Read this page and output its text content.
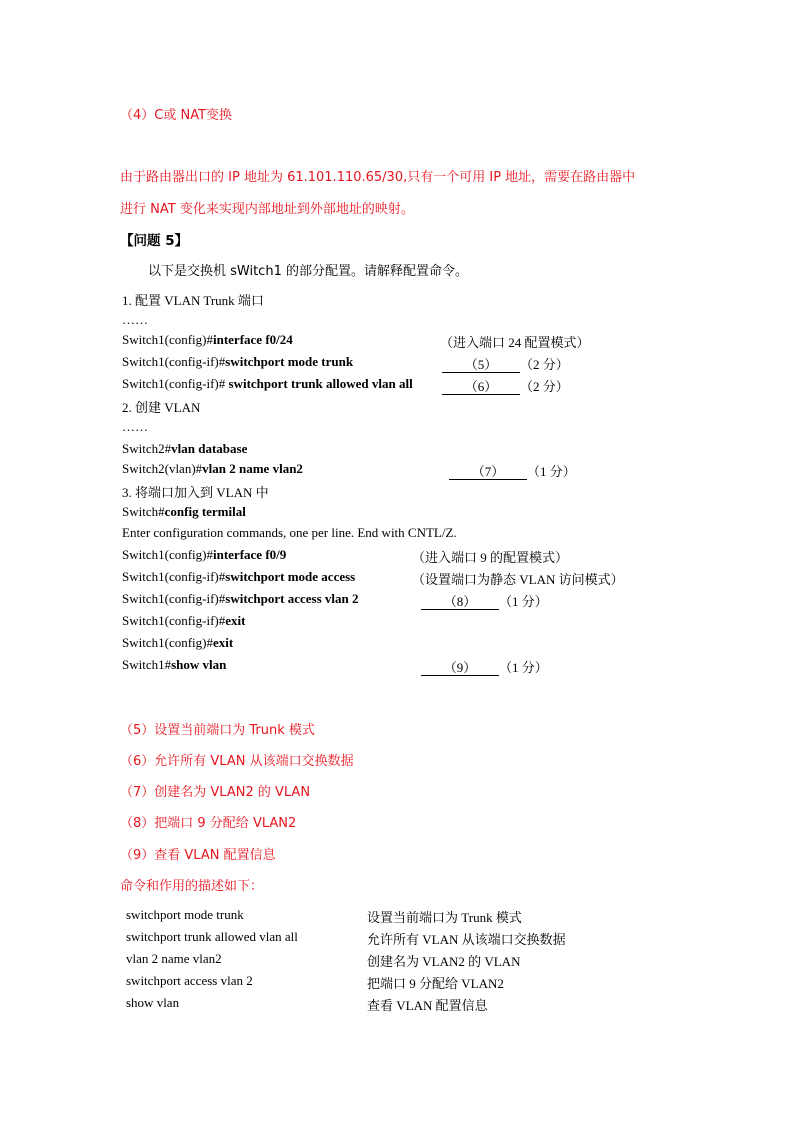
（4）C或 NAT变换
由于路由器出口的 IP 地址为 61.101.110.65/30,只有一个可用 IP 地址，需要在路由器中
进行 NAT 变化来实现内部地址到外部地址的映射。
【问题 5】
以下是交换机 sWitch1 的部分配置。请解释配置命令。
1. 配置 VLAN Trunk 端口
……
Switch1(config)#interface f0/24	（进入端口 24 配置模式）
Switch1(config-if)#switchport mode trunk	（5） （2 分）
Switch1(config-if)# switchport trunk allowed vlan all	（6） （2 分）
2. 创建 VLAN
……
Switch2#vlan database
Switch2(vlan)#vlan 2 name vlan2	（7） （1 分）
3. 将端口加入到 VLAN 中
Switch#config termilal
Enter configuration commands, one per line. End with CNTL/Z.
Switch1(config)#interface f0/9	（进入端口 9 的配置模式）
Switch1(config-if)#switchport mode access	（设置端口为静态 VLAN 访问模式）
Switch1(config-if)#switchport access vlan 2	（8） （1 分）
Switch1(config-if)#exit
Switch1(config)#exit
Switch1#show vlan	（9） （1 分）
（5）设置当前端口为 Trunk 模式
（6）允许所有 VLAN 从该端口交换数据
（7）创建名为 VLAN2 的 VLAN
（8）把端口 9 分配给 VLAN2
（9）查看 VLAN 配置信息
命令和作用的描述如下：
switchport mode trunk	设置当前端口为 Trunk 模式
switchport trunk allowed vlan all	允许所有 VLAN 从该端口交换数据
vlan 2 name vlan2	创建名为 VLAN2 的 VLAN
switchport access vlan 2	把端口 9 分配给 VLAN2
show vlan	查看 VLAN 配置信息
